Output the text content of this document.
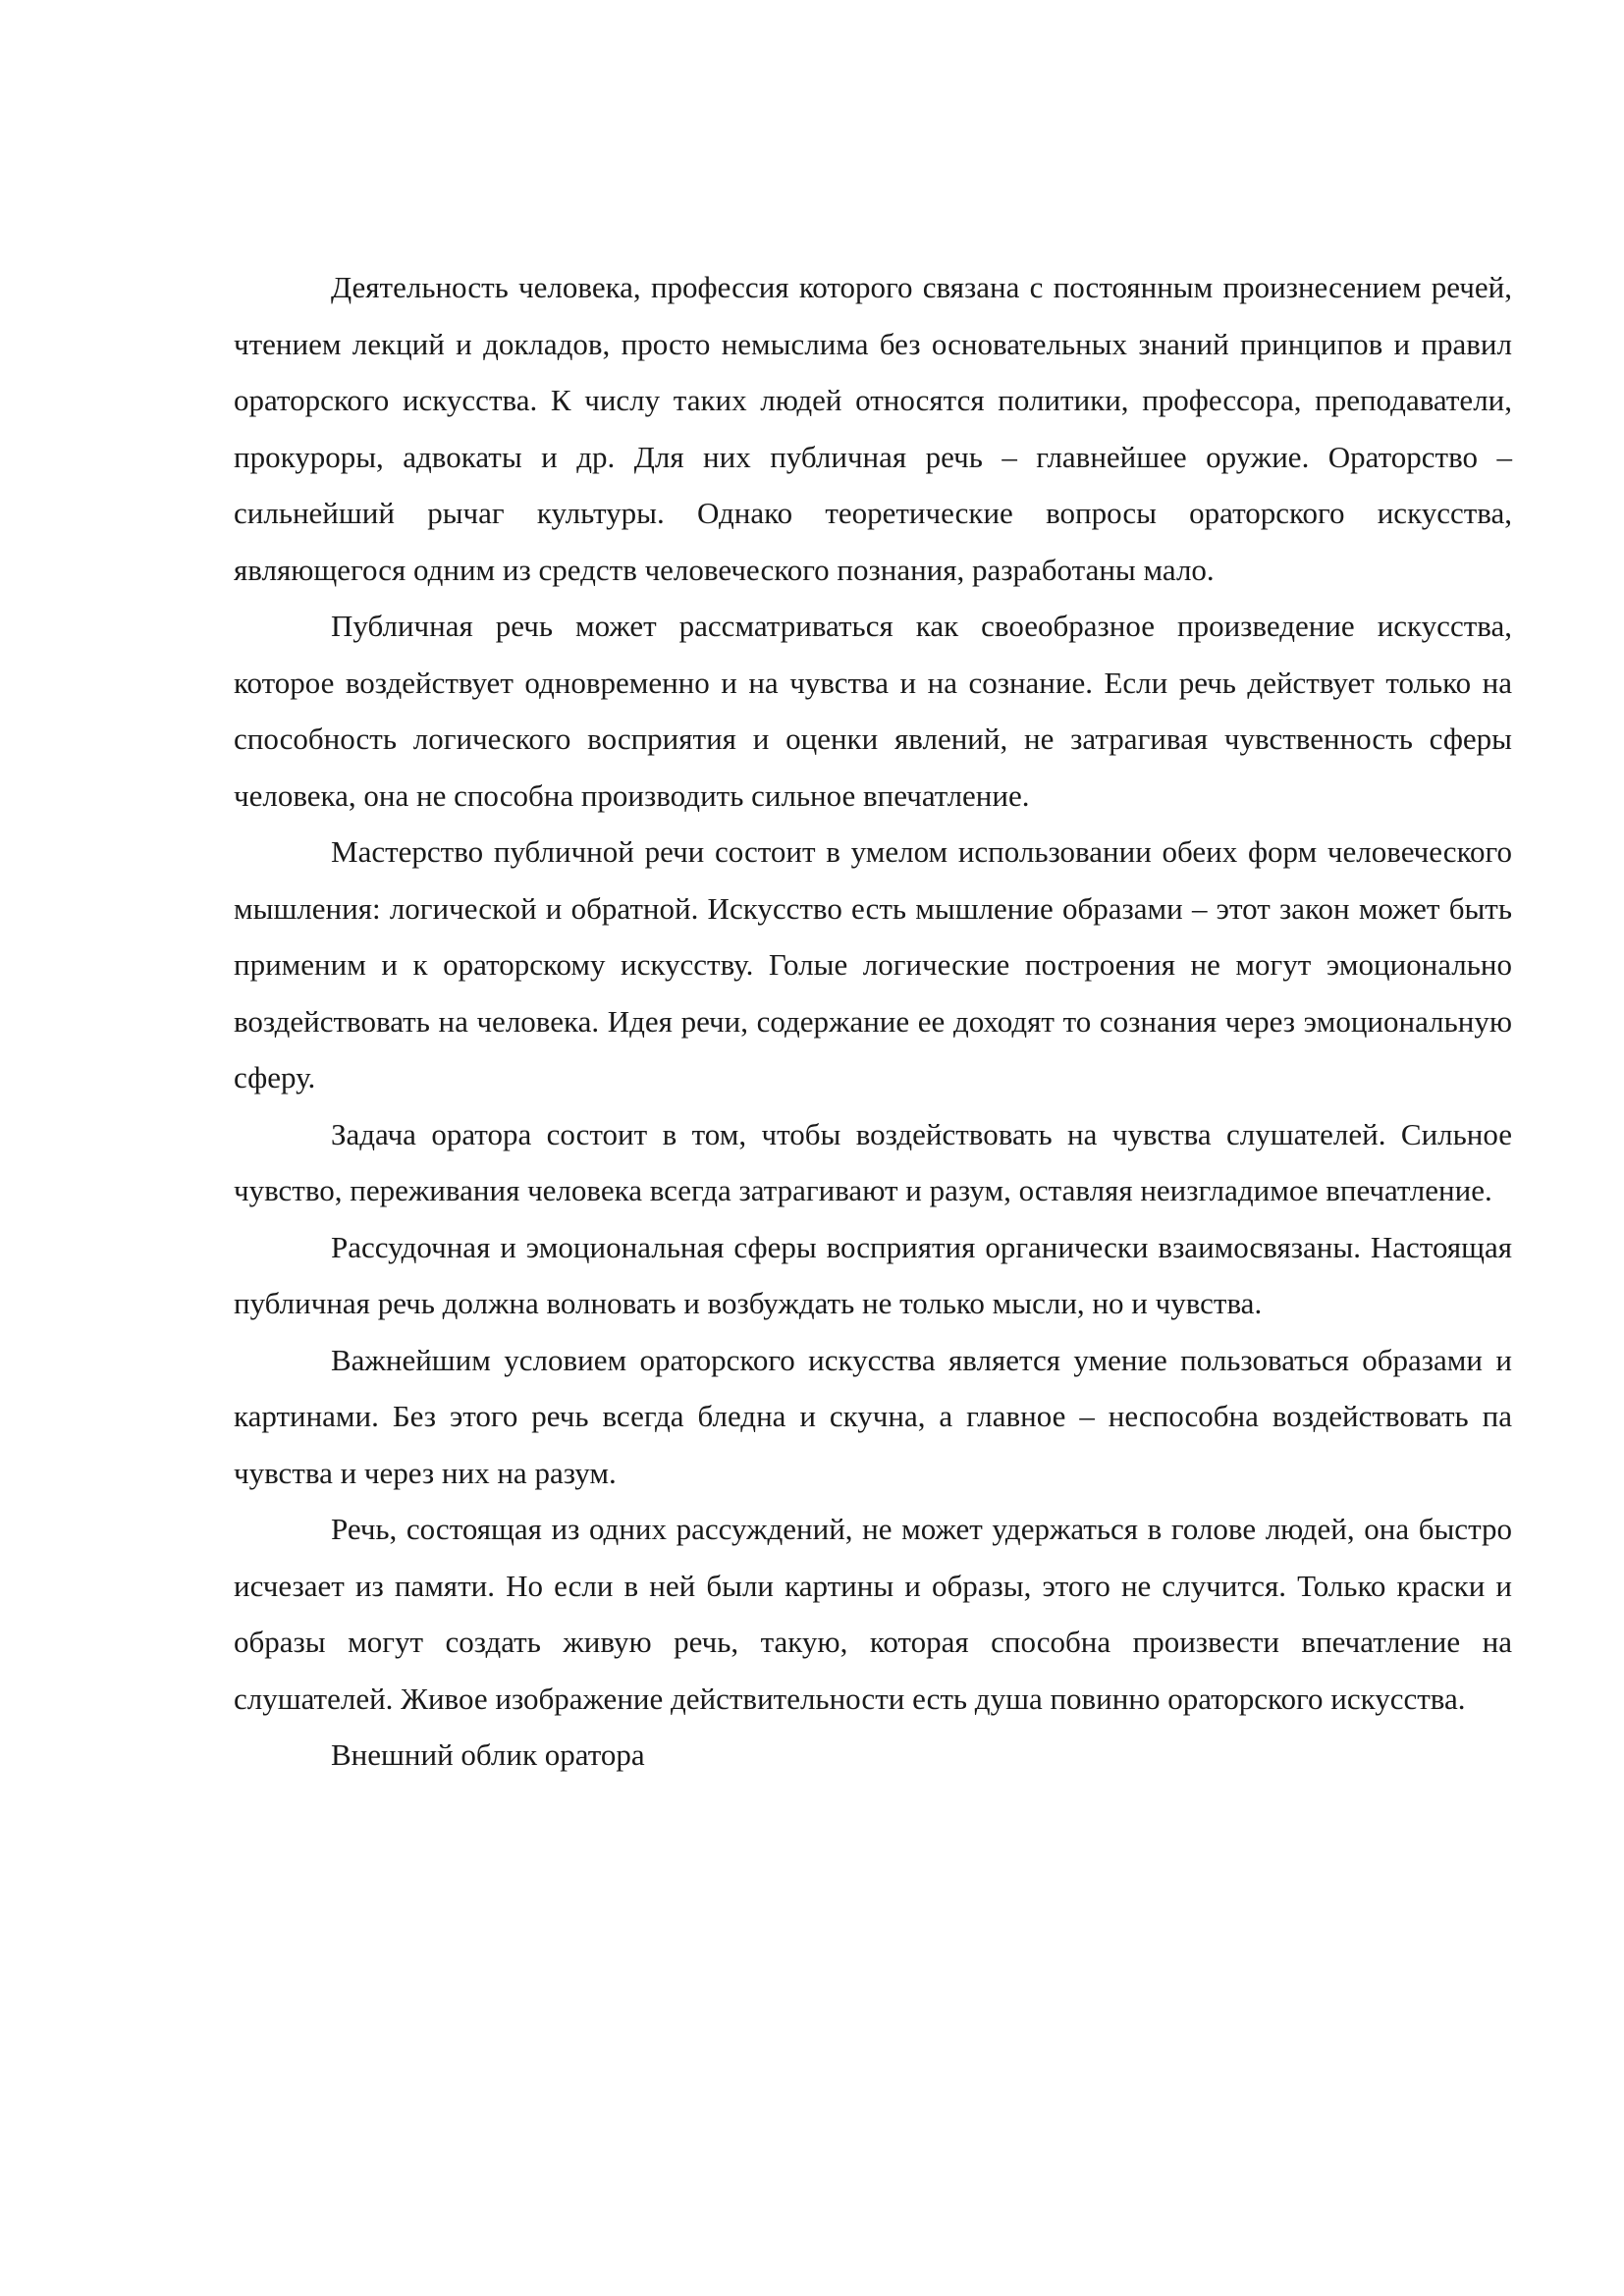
Деятельность человека, профессия которого связана с постоянным произнесением речей, чтением лекций и докладов, просто немыслима без основательных знаний принципов и правил ораторского искусства. К числу таких людей относятся политики, профессора, преподаватели, прокуроры, адвокаты и др. Для них публичная речь – главнейшее оружие. Ораторство – сильнейший рычаг культуры. Однако теоретические вопросы ораторского искусства, являющегося одним из средств человеческого познания, разработаны мало.

Публичная речь может рассматриваться как своеобразное произведение искусства, которое воздействует одновременно и на чувства и на сознание. Если речь действует только на способность логического восприятия и оценки явлений, не затрагивая чувственность сферы человека, она не способна производить сильное впечатление.

Мастерство публичной речи состоит в умелом использовании обеих форм человеческого мышления: логической и обратной. Искусство есть мышление образами – этот закон может быть применим и к ораторскому искусству. Голые логические построения не могут эмоционально воздействовать на человека. Идея речи, содержание ее доходят то сознания через эмоциональную сферу.

Задача оратора состоит в том, чтобы воздействовать на чувства слушателей. Сильное чувство, переживания человека всегда затрагивают и разум, оставляя неизгладимое впечатление.

Рассудочная и эмоциональная сферы восприятия органически взаимосвязаны. Настоящая публичная речь должна волновать и возбуждать не только мысли, но и чувства.

Важнейшим условием ораторского искусства является умение пользоваться образами и картинами. Без этого речь всегда бледна и скучна, а главное – неспособна воздействовать па чувства и через них на разум.

Речь, состоящая из одних рассуждений, не может удержаться в голове людей, она быстро исчезает из памяти. Но если в ней были картины и образы, этого не случится. Только краски и образы могут создать живую речь, такую, которая способна произвести впечатление на слушателей. Живое изображение действительности есть душа повинно ораторского искусства.

Внешний облик оратора
